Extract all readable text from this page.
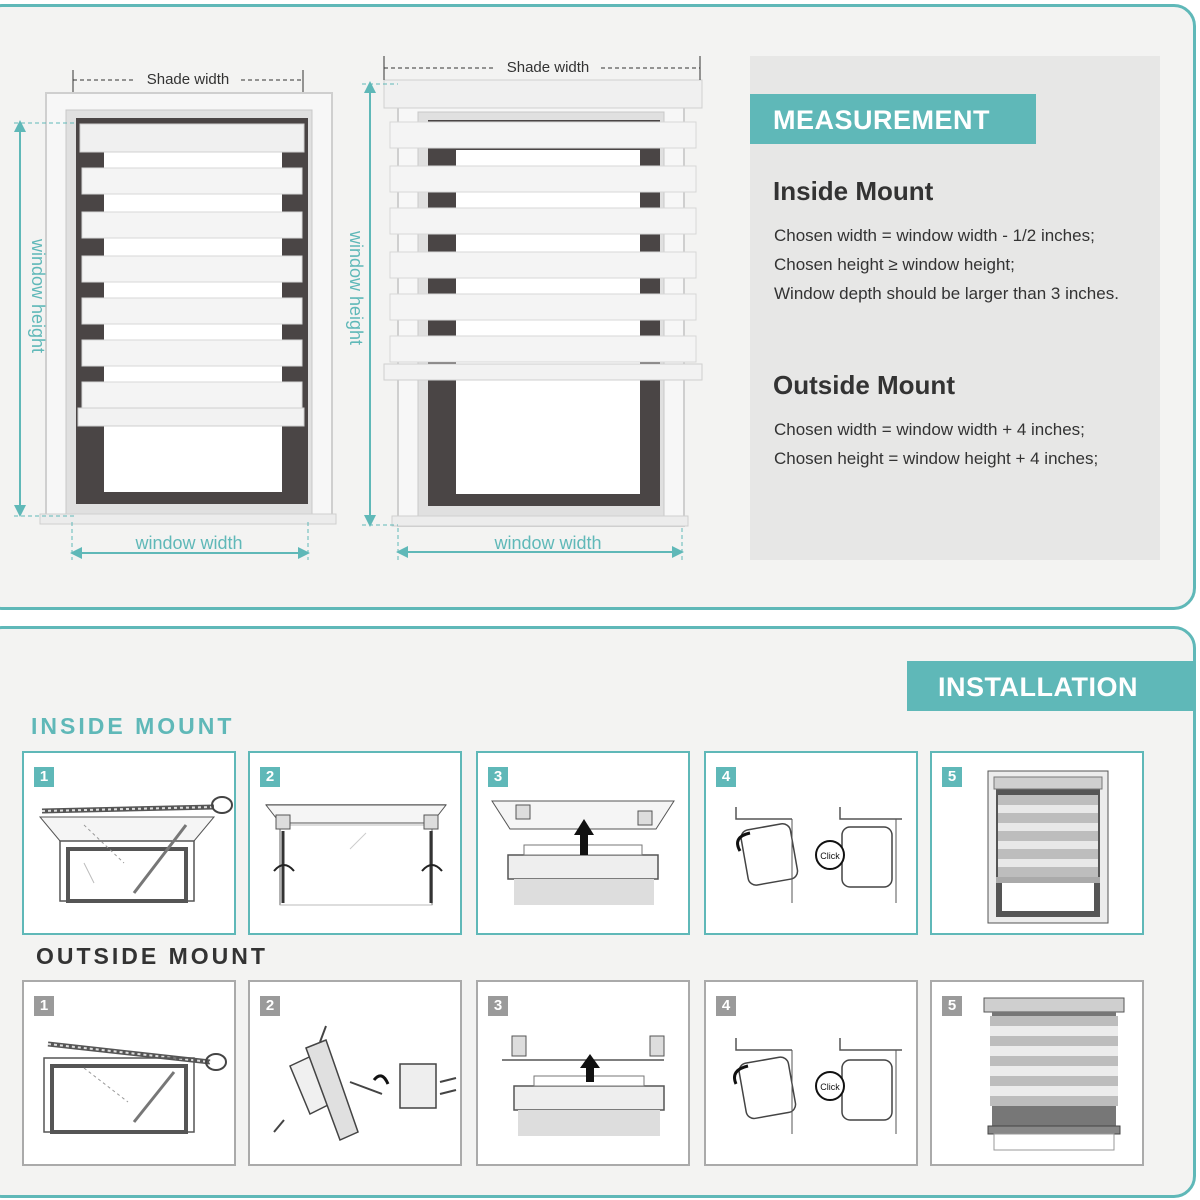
Shade width
window height
window width
Shade width
window height
window width
MEASUREMENT
Inside Mount
Chosen width = window width - 1/2 inches;
Chosen height ≥ window height;
Window depth should be larger than 3 inches.
Outside Mount
Chosen width = window width + 4 inches;
Chosen height = window height + 4 inches;
INSTALLATION
INSIDE MOUNT
OUTSIDE MOUNT
1	2	3
Click
4	5
1	2	3
Click
4	5
